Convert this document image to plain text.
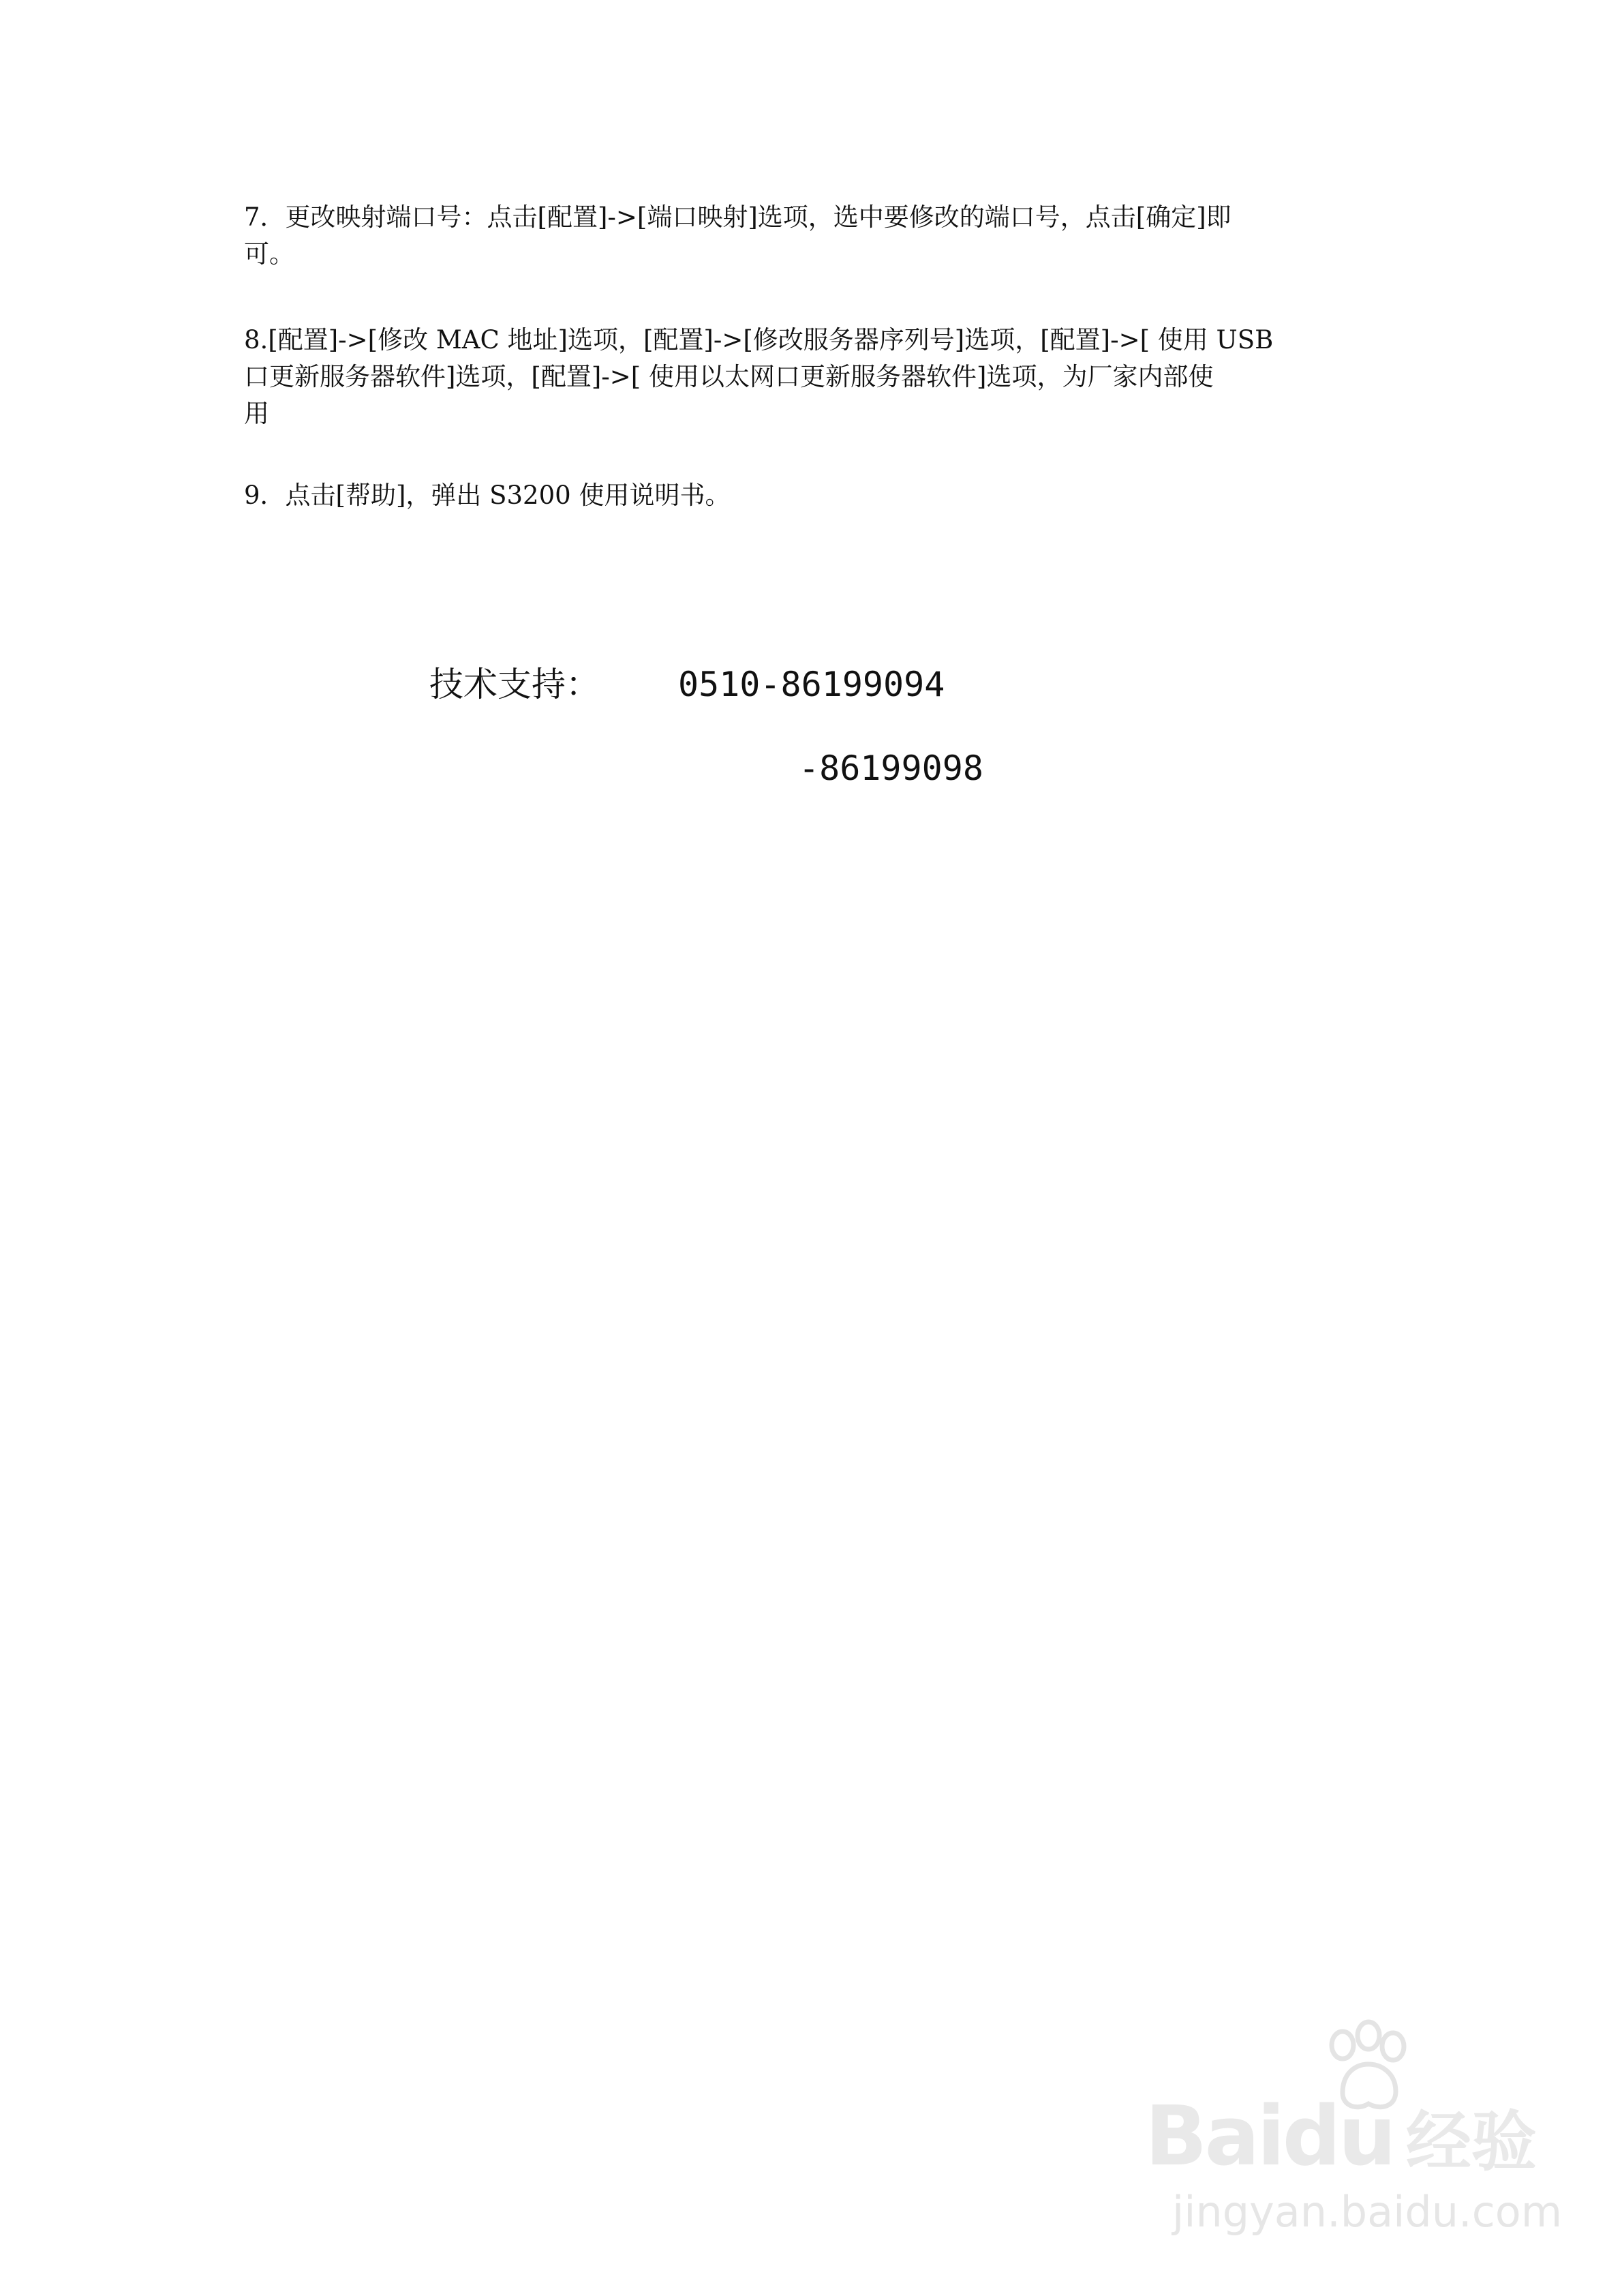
7．更改映射端口号：点击[配置]->[端口映射]选项，选中要修改的端口号，点击[确定]即
可。

8.[配置]->[修改 MAC 地址]选项，[配置]->[修改服务器序列号]选项，[配置]->[ 使用 USB
口更新服务器软件]选项，[配置]->[ 使用以太网口更新服务器软件]选项，为厂家内部使
用

9．点击[帮助]，弹出 S3200 使用说明书。

技术支持： 0510-86199094
-86199098
Baidu 经验
jingyan.baidu.com
